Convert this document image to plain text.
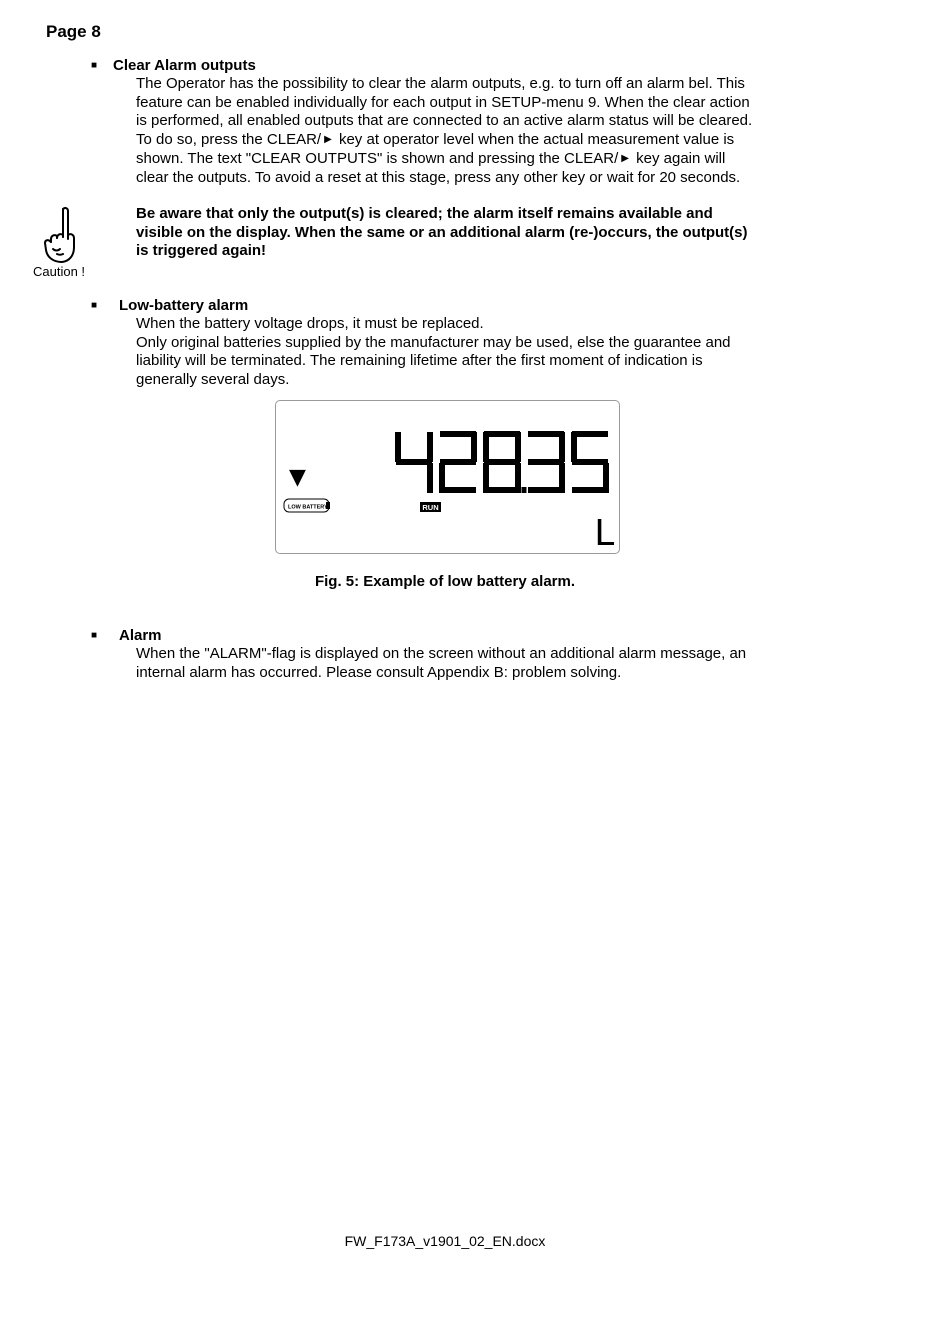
Page 8
■ Clear Alarm outputs
The Operator has the possibility to clear the alarm outputs, e.g. to turn off an alarm bel. This
feature can be enabled individually for each output in SETUP-menu 9. When the clear action
is performed, all enabled outputs that are connected to an active alarm status will be cleared.
To do so, press the CLEAR/ ▶ key at operator level when the actual measurement value is
shown. The text "CLEAR OUTPUTS" is shown and pressing the CLEAR/ ▶ key again will
clear the outputs. To avoid a reset at this stage, press any other key or wait for 20 seconds.
Caution !
Be aware that only the output(s) is cleared; the alarm itself remains available and
visible on the display. When the same or an additional alarm (re-)occurs, the output(s)
is triggered again!
■ Low-battery alarm
When the battery voltage drops, it must be replaced.
Only original batteries supplied by the manufacturer may be used, else the guarantee and
liability will be terminated. The remaining lifetime after the first moment of indication is
generally several days.
▼
LOW BATTERY	RUN
L
Fig. 5: Example of low battery alarm.
■ Alarm
When the "ALARM"-flag is displayed on the screen without an additional alarm message, an
internal alarm has occurred. Please consult Appendix B: problem solving.
FW_F173A_v1901_02_EN.docx
